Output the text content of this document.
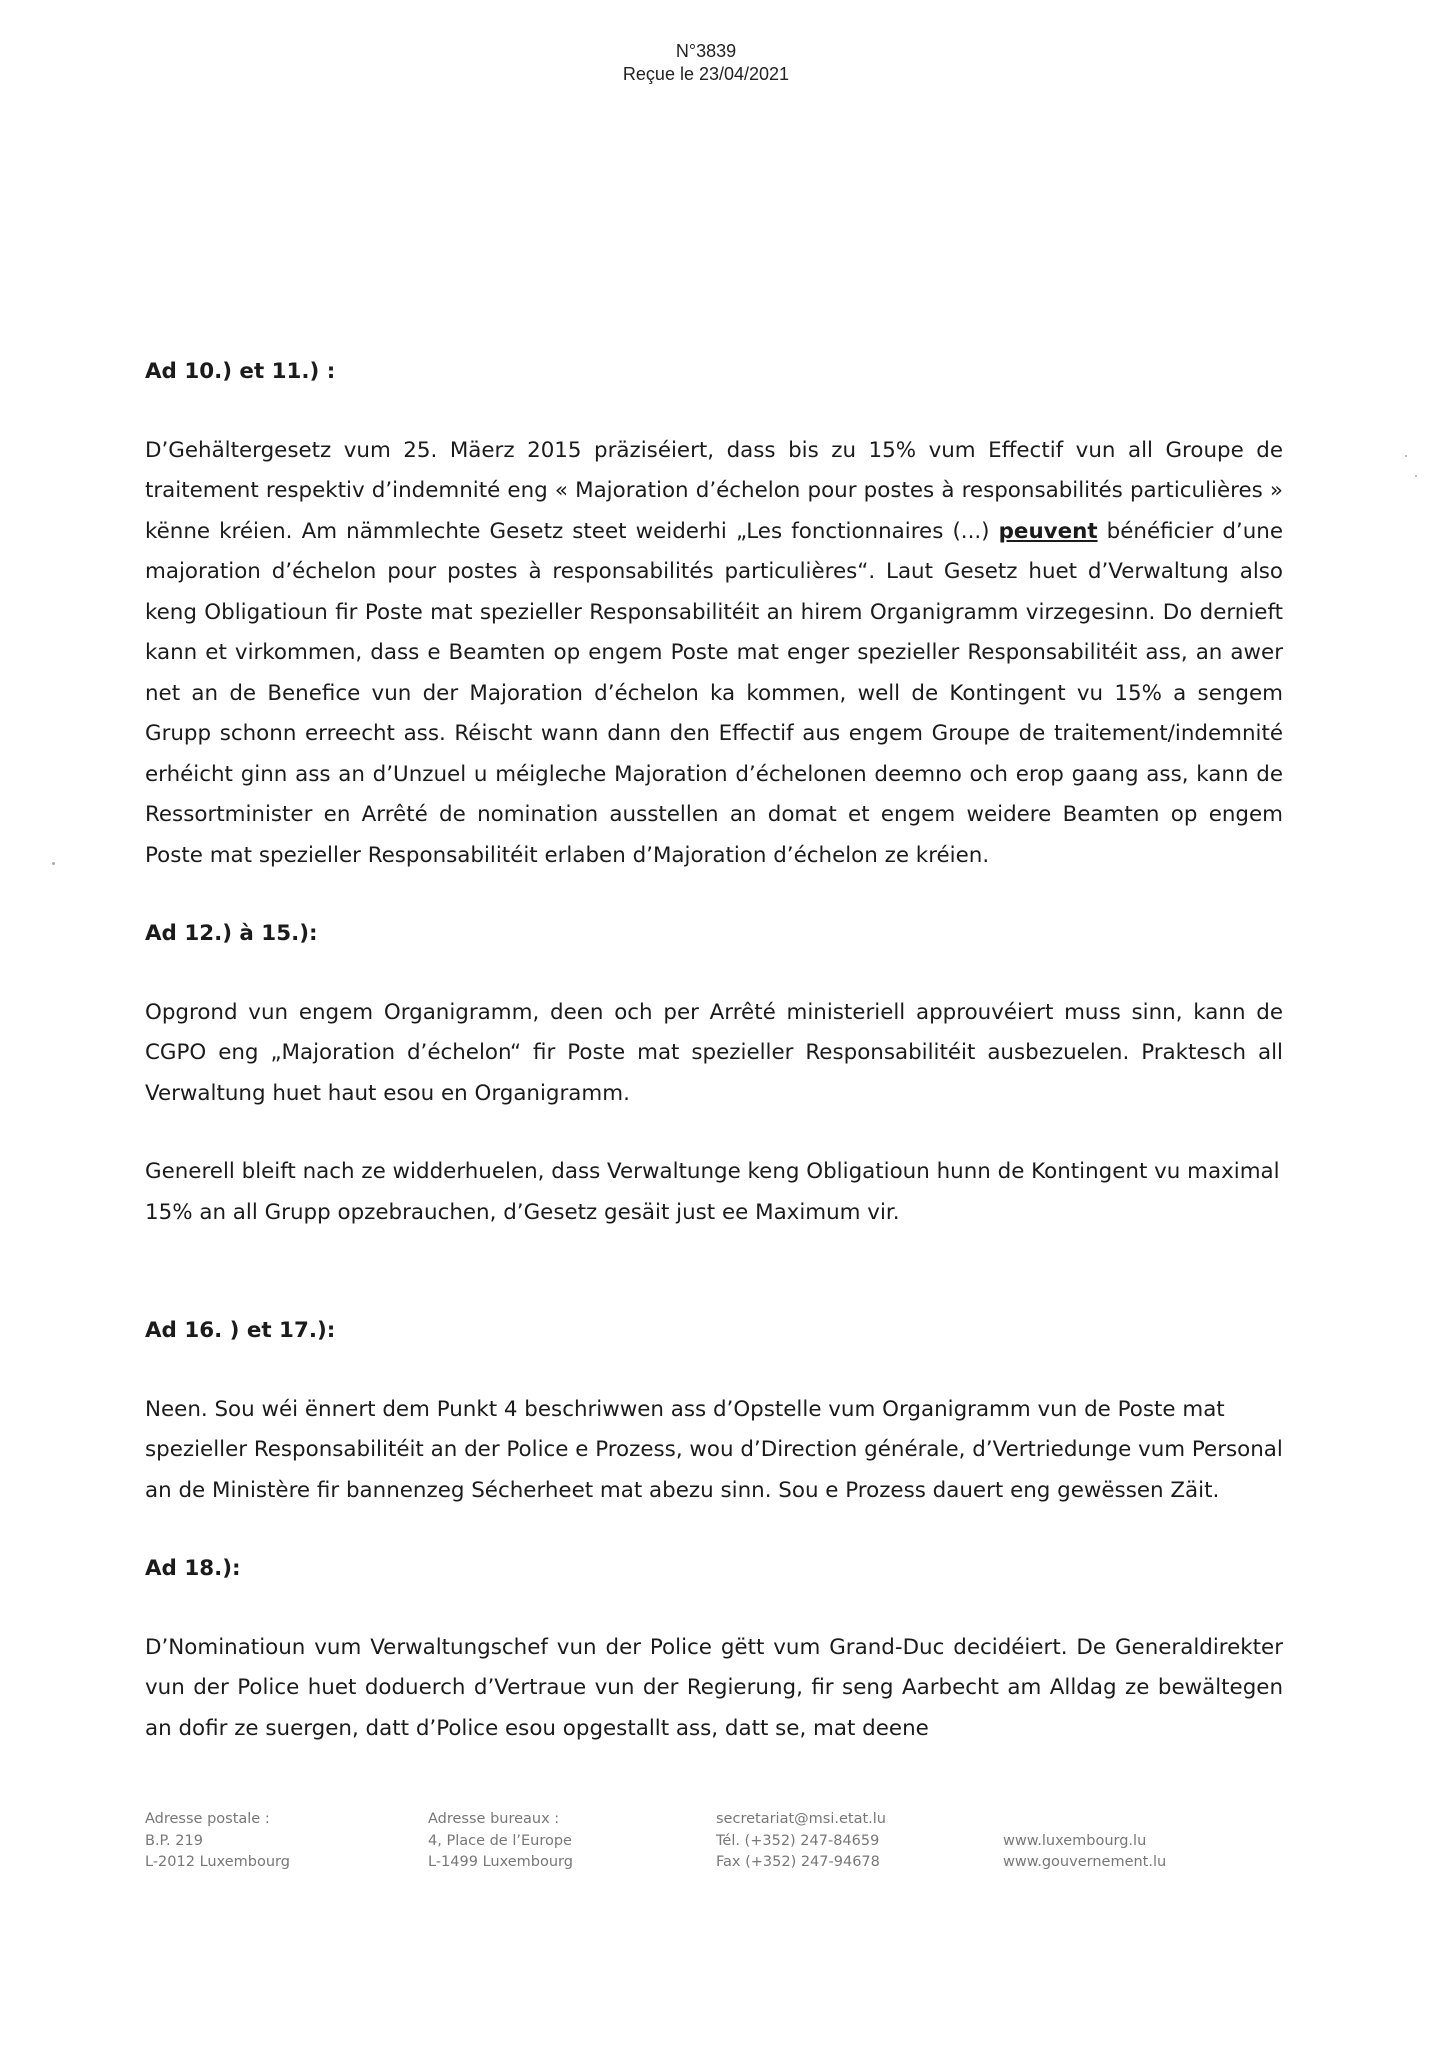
N°3839
Reçue le 23/04/2021
Ad 10.) et 11.) :

D’Gehältergesetz vum 25. Mäerz 2015 präziséiert, dass bis zu 15% vum Effectif vun all Groupe de traitement respektiv d’indemnité eng « Majoration d’échelon pour postes à responsabilités particulières » kënne kréien. Am nämmlechte Gesetz steet weiderhi „Les fonctionnaires (...) peuvent bénéficier d’une majoration d’échelon pour postes à responsabilités particulières“. Laut Gesetz huet d’Verwaltung also keng Obligatioun fir Poste mat spezieller Responsabilitéit an hirem Organigramm virzegesinn. Do dernieft kann et virkommen, dass e Beamten op engem Poste mat enger spezieller Responsabilitéit ass, an awer net an de Benefice vun der Majoration d’échelon ka kommen, well de Kontingent vu 15% a sengem Grupp schonn erreecht ass. Réischt wann dann den Effectif aus engem Groupe de traitement/indemnité erhéicht ginn ass an d’Unzuel u méigleche Majoration d’échelonen deemno och erop gaang ass, kann de Ressortminister en Arrêté de nomination ausstellen an domat et engem weidere Beamten op engem Poste mat spezieller Responsabilitéit erlaben d’Majoration d’échelon ze kréien.

Ad 12.) à 15.):

Opgrond vun engem Organigramm, deen och per Arrêté ministeriell approuvéiert muss sinn, kann de CGPO eng „Majoration d’échelon“ fir Poste mat spezieller Responsabilitéit ausbezuelen. Praktesch all Verwaltung huet haut esou en Organigramm.

Generell bleift nach ze widderhuelen, dass Verwaltunge keng Obligatioun hunn de Kontingent vu maximal 15% an all Grupp opzebrauchen, d’Gesetz gesäit just ee Maximum vir.

Ad 16. ) et 17.):

Neen. Sou wéi ënnert dem Punkt 4 beschriwwen ass d’Opstelle vum Organigramm vun de Poste mat spezieller Responsabilitéit an der Police e Prozess, wou d’Direction générale, d’Vertriedunge vum Personal an de Ministère fir bannenzeg Sécherheet mat abezu sinn. Sou e Prozess dauert eng gewëssen Zäit.

Ad 18.):

D’Nominatioun vum Verwaltungschef vun der Police gëtt vum Grand-Duc decidéiert. De Generaldirekter vun der Police huet doduerch d’Vertraue vun der Regierung, fir seng Aarbecht am Alldag ze bewältegen an dofir ze suergen, datt d’Police esou opgestallt ass, datt se, mat deene

Adresse postale :
B.P. 219
L-2012 Luxembourg
Adresse bureaux :
4, Place de l’Europe
L-1499 Luxembourg
secretariat@msi.etat.lu
Tél. (+352) 247-84659
Fax (+352) 247-94678
www.luxembourg.lu
www.gouvernement.lu
